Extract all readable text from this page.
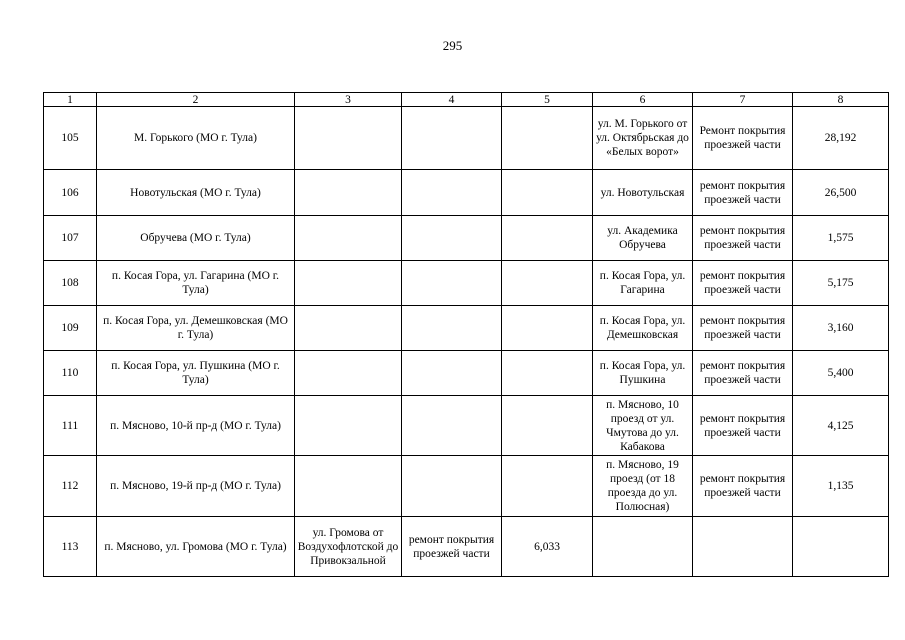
295
1	2	3	4	5	6	7	8
105	М. Горького (МО г. Тула)				ул. М. Горького от ул. Октябрьская до «Белых ворот»	Ремонт покрытия проезжей части	28,192
106	Новотульская (МО г. Тула)				ул. Новотульская	ремонт покрытия проезжей части	26,500
107	Обручева (МО г. Тула)				ул. Академика Обручева	ремонт покрытия проезжей части	1,575
108	п. Косая Гора, ул. Гагарина (МО г. Тула)				п. Косая Гора, ул. Гагарина	ремонт покрытия проезжей части	5,175
109	п. Косая Гора, ул. Демешковская (МО г. Тула)				п. Косая Гора, ул. Демешковская	ремонт покрытия проезжей части	3,160
110	п. Косая Гора, ул. Пушкина (МО г. Тула)				п. Косая Гора, ул. Пушкина	ремонт покрытия проезжей части	5,400
111	п. Мясново, 10-й пр-д (МО г. Тула)				п. Мясново, 10 проезд от ул. Чмутова до ул. Кабакова	ремонт покрытия проезжей части	4,125
112	п. Мясново, 19-й пр-д (МО г. Тула)				п. Мясново, 19 проезд (от 18 проезда до ул. Полюсная)	ремонт покрытия проезжей части	1,135
113	п. Мясново, ул. Громова (МО г. Тула)	ул. Громова от Воздухофлотской до Привокзальной	ремонт покрытия проезжей части	6,033			
